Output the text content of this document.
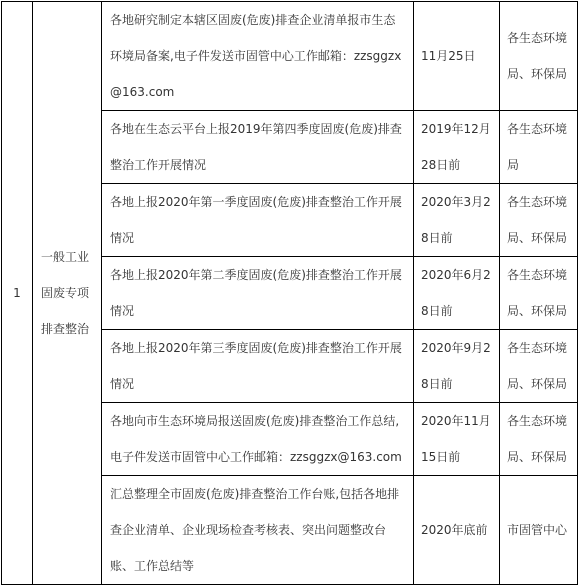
1	一般工业固废专项排查整治	各地研究制定本辖区固废(危废)排查企业清单报市生态环境局备案,电子件发送市固管中心工作邮箱：zzsggzx@163.com	11月25日	各生态环境局、环保局
		各地在生态云平台上报2019年第四季度固废(危废)排查整治工作开展情况	2019年12月28日前	各生态环境局
		各地上报2020年第一季度固废(危废)排查整治工作开展情况	2020年3月28日前	各生态环境局、环保局
		各地上报2020年第二季度固废(危废)排查整治工作开展情况	2020年6月28日前	各生态环境局、环保局
		各地上报2020年第三季度固废(危废)排查整治工作开展情况	2020年9月28日前	各生态环境局、环保局
		各地向市生态环境局报送固废(危废)排查整治工作总结,电子件发送市固管中心工作邮箱：zzsggzx@163.com	2020年11月15日前	各生态环境局、环保局
		汇总整理全市固废(危废)排查整治工作台账,包括各地排查企业清单、企业现场检查考核表、突出问题整改台账、工作总结等	2020年底前	市固管中心
